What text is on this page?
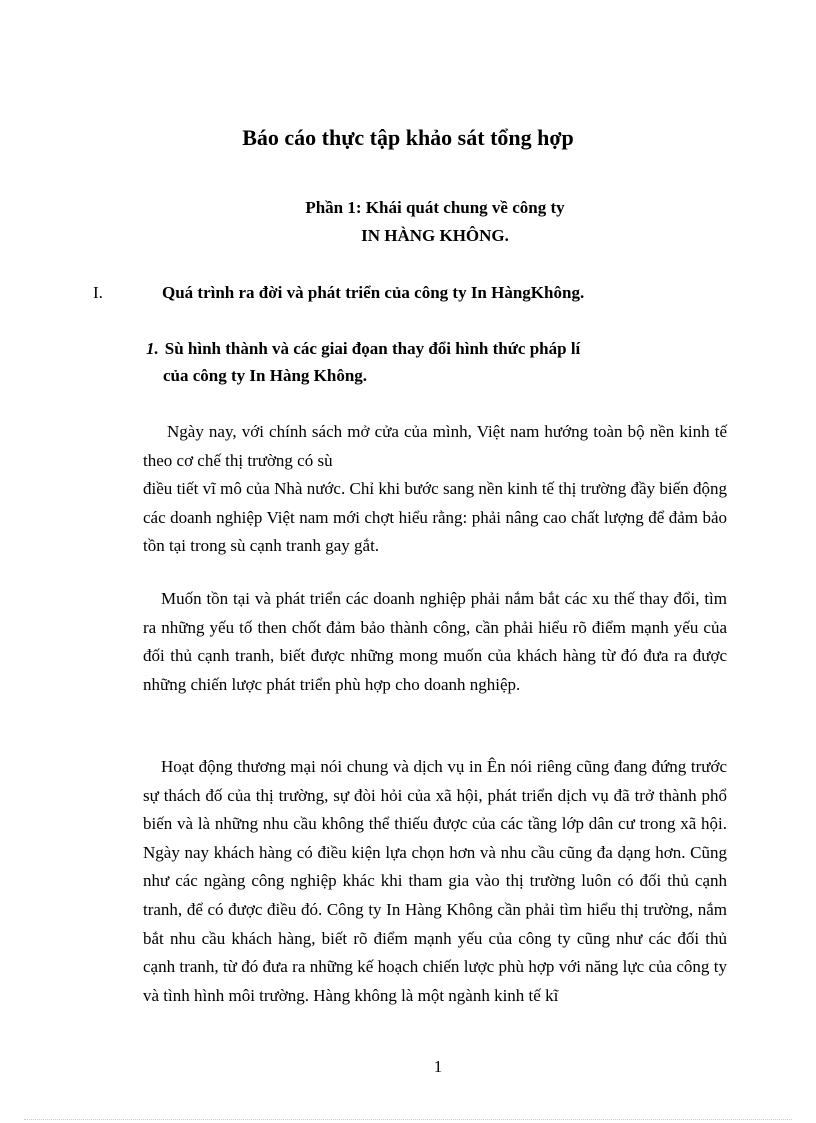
Báo cáo thực tập khảo sát tổng hợp
Phần 1: Khái quát chung về công ty
IN HÀNG KHÔNG.
I.	Quá trình ra đời và phát triển của công ty In HàngKhông.
1. Sù hình thành và các giai đọan thay đổi hình thức pháp lí
của công ty In Hàng Không.

Ngày nay, với chính sách mở cửa của mình, Việt nam hướng toàn bộ nền kinh tế theo cơ chế thị trường có sù

điều tiết vĩ mô của Nhà nước. Chỉ khi bước sang nền kinh tế thị trường đầy biến động các doanh nghiệp Việt nam mới chợt hiểu rằng: phải nâng cao chất lượng để đảm bảo tồn tại trong sù cạnh tranh gay gắt.

Muốn tồn tại và phát triển các doanh nghiệp phải nắm bắt các xu thế thay đổi, tìm ra những yếu tố then chốt đảm bảo thành công, cần phải hiểu rõ điểm mạnh yếu của đối thủ cạnh tranh, biết được những mong muốn của khách hàng từ đó đưa ra được những chiến lược phát triển phù hợp cho doanh nghiệp.

Hoạt động thương mại nói chung và dịch vụ in Ên nói riêng cũng đang đứng trước sự thách đố của thị trường, sự đòi hỏi của xã hội, phát triển dịch vụ đã trở thành phổ biến và là những nhu cầu không thể thiếu được của các tầng lớp dân cư trong xã hội. Ngày nay khách hàng có điều kiện lựa chọn hơn và nhu cầu cũng đa dạng hơn. Cũng như các ngàng công nghiệp khác khi tham gia vào thị trường luôn có đối thủ cạnh tranh, để có được điều đó. Công ty In Hàng Không cần phải tìm hiểu thị trường, nắm bắt nhu cầu khách hàng, biết rõ điểm mạnh yếu của công ty cũng như các đối thủ cạnh tranh, từ đó đưa ra những kế hoạch chiến lược phù hợp với năng lực của công ty và tình hình môi trường. Hàng không là một ngành kinh tế kĩ

1
